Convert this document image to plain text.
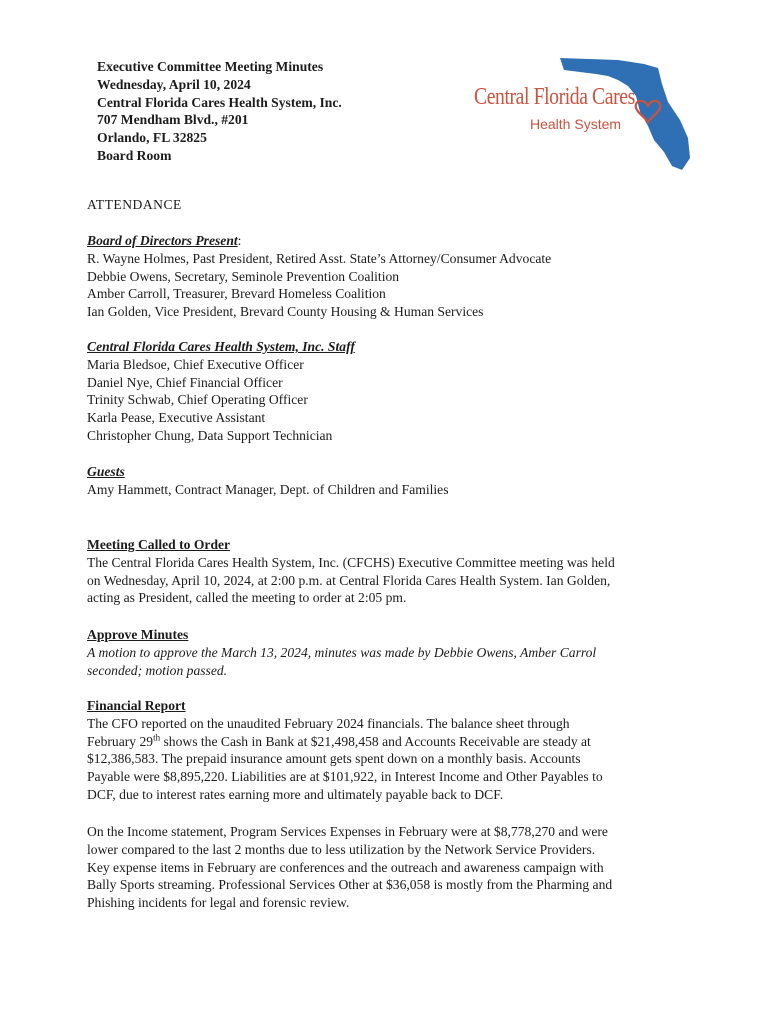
Executive Committee Meeting Minutes
Wednesday, April 10, 2024
Central Florida Cares Health System, Inc.
707 Mendham Blvd., #201
Orlando, FL 32825
Board Room
Central Florida Cares
Health System
ATTENDANCE
Board of Directors Present:
R. Wayne Holmes, Past President, Retired Asst. State’s Attorney/Consumer Advocate
Debbie Owens, Secretary, Seminole Prevention Coalition
Amber Carroll, Treasurer, Brevard Homeless Coalition
Ian Golden, Vice President, Brevard County Housing & Human Services
Central Florida Cares Health System, Inc. Staff
Maria Bledsoe, Chief Executive Officer
Daniel Nye, Chief Financial Officer
Trinity Schwab, Chief Operating Officer
Karla Pease, Executive Assistant
Christopher Chung, Data Support Technician
Guests
Amy Hammett, Contract Manager, Dept. of Children and Families
Meeting Called to Order
The Central Florida Cares Health System, Inc. (CFCHS) Executive Committee meeting was held
on Wednesday, April 10, 2024, at 2:00 p.m. at Central Florida Cares Health System. Ian Golden,
acting as President, called the meeting to order at 2:05 pm.
Approve Minutes
A motion to approve the March 13, 2024, minutes was made by Debbie Owens, Amber Carrol
seconded; motion passed.
Financial Report
The CFO reported on the unaudited February 2024 financials. The balance sheet through
February 29th shows the Cash in Bank at $21,498,458 and Accounts Receivable are steady at
$12,386,583. The prepaid insurance amount gets spent down on a monthly basis. Accounts
Payable were $8,895,220. Liabilities are at $101,922, in Interest Income and Other Payables to
DCF, due to interest rates earning more and ultimately payable back to DCF.
On the Income statement, Program Services Expenses in February were at $8,778,270 and were
lower compared to the last 2 months due to less utilization by the Network Service Providers.
Key expense items in February are conferences and the outreach and awareness campaign with
Bally Sports streaming. Professional Services Other at $36,058 is mostly from the Pharming and
Phishing incidents for legal and forensic review.
